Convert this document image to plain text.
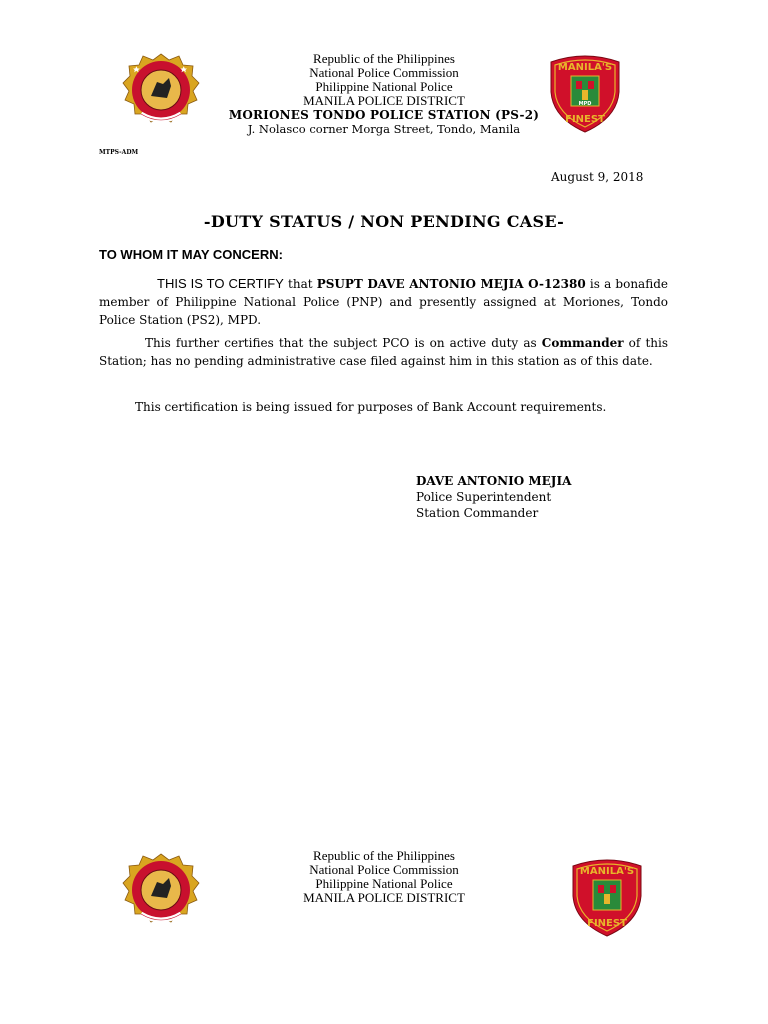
Republic of the Philippines
National Police Commission
Philippine National Police
MANILA POLICE DISTRICT
MORIONES TONDO POLICE STATION (PS-2)
J. Nolasco corner Morga Street, Tondo, Manila
MANILA'S
FINEST
MPD
MTPS-ADM
August 9, 2018
-DUTY STATUS / NON PENDING CASE-
TO WHOM IT MAY CONCERN:
THIS IS TO CERTIFY that PSUPT DAVE ANTONIO MEJIA O-12380 is a bonafide member of Philippine National Police (PNP) and presently assigned at Moriones, Tondo Police Station (PS2), MPD.
This further certifies that the subject PCO is on active duty as Commander of this Station; has no pending administrative case filed against him in this station as of this date.
This certification is being issued for purposes of Bank Account requirements.
DAVE ANTONIO MEJIA
Police Superintendent
Station Commander
Republic of the Philippines
National Police Commission
Philippine National Police
MANILA POLICE DISTRICT
MANILA'S
FINEST
